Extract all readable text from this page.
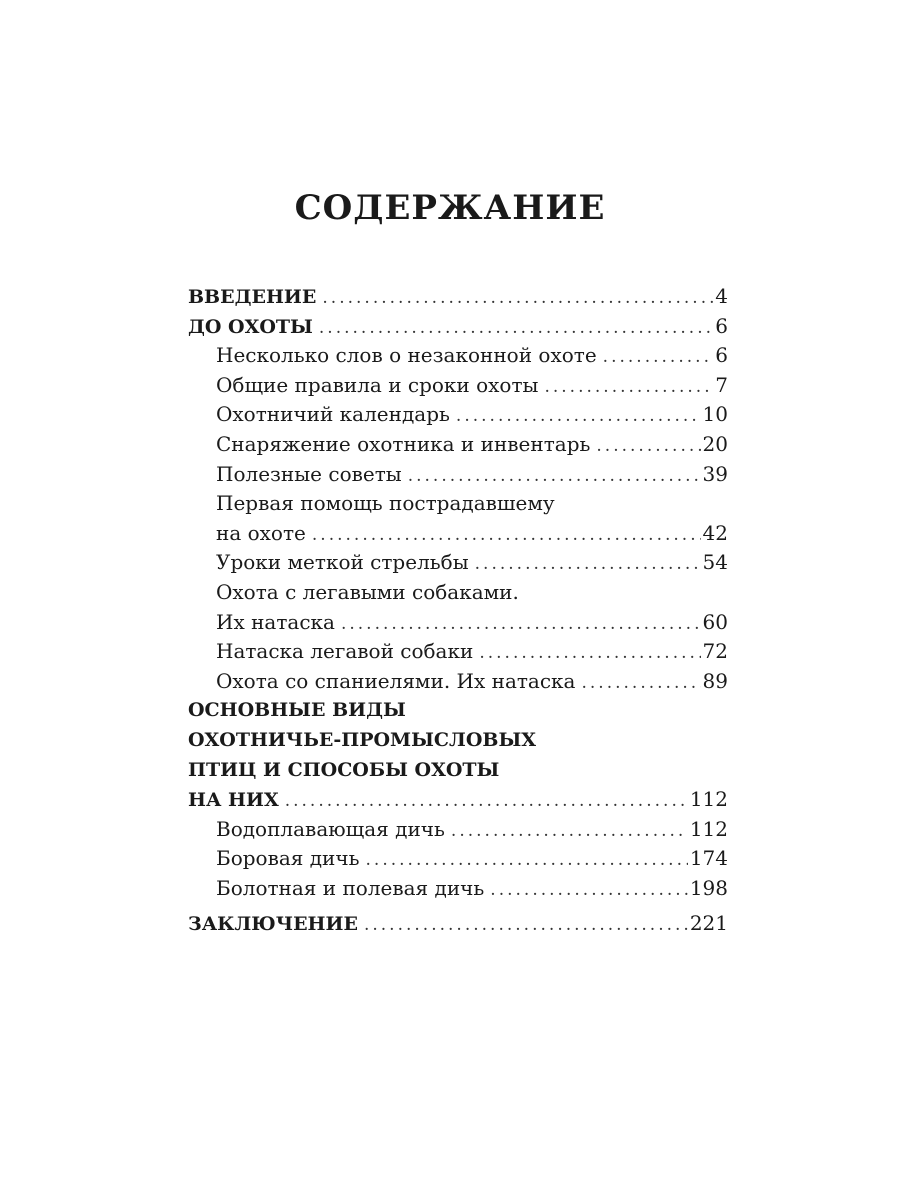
СОДЕРЖАНИЕ
ВВЕДЕНИЕ . . .	4
ДО ОХОТЫ . . .	6
Несколько слов о незаконной охоте . . .	6
Общие правила и сроки охоты . . .	7
Охотничий календарь . . .	10
Снаряжение охотника и инвентарь . . .	20
Полезные советы . . .	39
Первая помощь пострадавшему
на охоте . . .	42
Уроки меткой стрельбы . . .	54
Охота с легавыми собаками.
Их натаска . . .	60
Натаска легавой собаки . . .	72
Охота со спаниелями. Их натаска . . .	89
ОСНОВНЫЕ ВИДЫ
ОХОТНИЧЬЕ-ПРОМЫСЛОВЫХ
ПТИЦ И СПОСОБЫ ОХОТЫ
НА НИХ . . .	112
Водоплавающая дичь . . .	112
Боровая дичь . . .	174
Болотная и полевая дичь . . .	198
ЗАКЛЮЧЕНИЕ . . .	221
